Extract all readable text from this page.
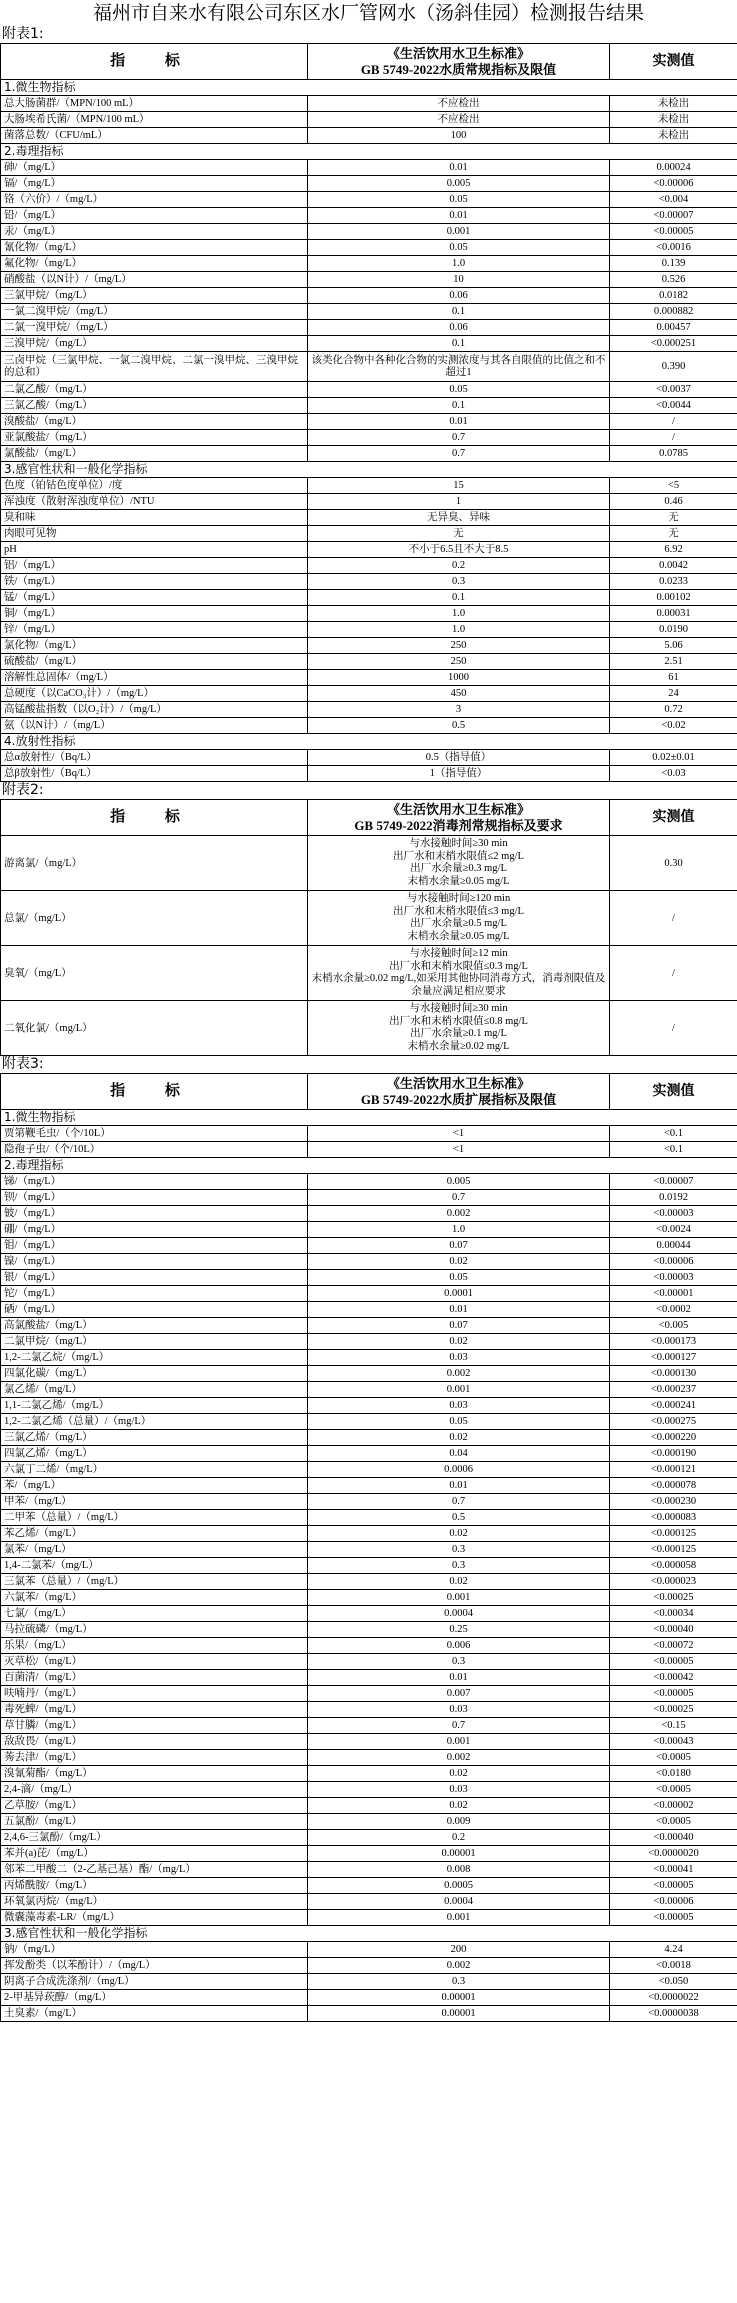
福州市自来水有限公司东区水厂管网水（汤斜佳园）检测报告结果
附表1:
指 标	《生活饮用水卫生标准》
GB 5749-2022水质常规指标及限值	实测值
1.微生物指标		
总大肠菌群/（MPN/100 mL）	不应检出	未检出
大肠埃希氏菌/（MPN/100 mL）	不应检出	未检出
菌落总数/（CFU/mL）	100	未检出
2.毒理指标		
砷/（mg/L）	0.01	0.00024
镉/（mg/L）	0.005	<0.00006
铬（六价）/（mg/L）	0.05	<0.004
铅/（mg/L）	0.01	<0.00007
汞/（mg/L）	0.001	<0.00005
氰化物/（mg/L）	0.05	<0.0016
氟化物/（mg/L）	1.0	0.139
硝酸盐（以N计）/（mg/L）	10	0.526
三氯甲烷/（mg/L）	0.06	0.0182
一氯二溴甲烷/（mg/L）	0.1	0.000882
二氯一溴甲烷/（mg/L）	0.06	0.00457
三溴甲烷/（mg/L）	0.1	<0.000251
三卤甲烷（三氯甲烷、一氯二溴甲烷、二氯一溴甲烷、三溴甲烷的总和）	该类化合物中各种化合物的实测浓度与其各自限值的比值之和不超过1	0.390
二氯乙酸/（mg/L）	0.05	<0.0037
三氯乙酸/（mg/L）	0.1	<0.0044
溴酸盐/（mg/L）	0.01	/
亚氯酸盐/（mg/L）	0.7	/
氯酸盐/（mg/L）	0.7	0.0785
3.感官性状和一般化学指标		
色度（铂钴色度单位）/度	15	<5
浑浊度（散射浑浊度单位）/NTU	1	0.46
臭和味	无异臭、异味	无
肉眼可见物	无	无
pH	不小于6.5且不大于8.5	6.92
铝/（mg/L）	0.2	0.0042
铁/（mg/L）	0.3	0.0233
锰/（mg/L）	0.1	0.00102
铜/（mg/L）	1.0	0.00031
锌/（mg/L）	1.0	0.0190
氯化物/（mg/L）	250	5.06
硫酸盐/（mg/L）	250	2.51
溶解性总固体/（mg/L）	1000	61
总硬度（以CaCO₃计）/（mg/L）	450	24
高锰酸盐指数（以O₂计）/（mg/L）	3	0.72
氨（以N计）/（mg/L）	0.5	<0.02
4.放射性指标		
总α放射性/（Bq/L）	0.5（指导值）	0.02±0.01
总β放射性/（Bq/L）	1（指导值）	<0.03
附表2:
指 标	《生活饮用水卫生标准》
GB 5749-2022消毒剂常规指标及要求	实测值
游离氯/（mg/L）	与水接触时间≥30 min
出厂水和末梢水限值≤2 mg/L
出厂水余量≥0.3 mg/L
末梢水余量≥0.05 mg/L	0.30
总氯/（mg/L）	与水接触时间≥120 min
出厂水和末梢水限值≤3 mg/L
出厂水余量≥0.5 mg/L
末梢水余量≥0.05 mg/L	/
臭氧/（mg/L）	与水接触时间≥12 min
出厂水和末梢水限值≤0.3 mg/L
末梢水余量≥0.02 mg/L,如采用其他协同消毒方式，消毒剂限值及余量应满足相应要求	/
二氧化氯/（mg/L）	与水接触时间≥30 min
出厂水和末梢水限值≤0.8 mg/L
出厂水余量≥0.1 mg/L
末梢水余量≥0.02 mg/L	/
附表3:
指 标	《生活饮用水卫生标准》
GB 5749-2022水质扩展指标及限值	实测值
1.微生物指标		
贾第鞭毛虫/（个/10L）	<1	<0.1
隐孢子虫/（个/10L）	<1	<0.1
2.毒理指标		
锑/（mg/L）	0.005	<0.00007
钡/（mg/L）	0.7	0.0192
铍/（mg/L）	0.002	<0.00003
硼/（mg/L）	1.0	<0.0024
钼/（mg/L）	0.07	0.00044
镍/（mg/L）	0.02	<0.00006
银/（mg/L）	0.05	<0.00003
铊/（mg/L）	0.0001	<0.00001
硒/（mg/L）	0.01	<0.0002
高氯酸盐/（mg/L）	0.07	<0.005
二氯甲烷/（mg/L）	0.02	<0.000173
1,2-二氯乙烷/（mg/L）	0.03	<0.000127
四氯化碳/（mg/L）	0.002	<0.000130
氯乙烯/（mg/L）	0.001	<0.000237
1,1-二氯乙烯/（mg/L）	0.03	<0.000241
1,2-二氯乙烯（总量）/（mg/L）	0.05	<0.000275
三氯乙烯/（mg/L）	0.02	<0.000220
四氯乙烯/（mg/L）	0.04	<0.000190
六氯丁二烯/（mg/L）	0.0006	<0.000121
苯/（mg/L）	0.01	<0.000078
甲苯/（mg/L）	0.7	<0.000230
二甲苯（总量）/（mg/L）	0.5	<0.000083
苯乙烯/（mg/L）	0.02	<0.000125
氯苯/（mg/L）	0.3	<0.000125
1,4-二氯苯/（mg/L）	0.3	<0.000058
三氯苯（总量）/（mg/L）	0.02	<0.000023
六氯苯/（mg/L）	0.001	<0.00025
七氯/（mg/L）	0.0004	<0.00034
马拉硫磷/（mg/L）	0.25	<0.00040
乐果/（mg/L）	0.006	<0.00072
灭草松/（mg/L）	0.3	<0.00005
百菌清/（mg/L）	0.01	<0.00042
呋喃丹/（mg/L）	0.007	<0.00005
毒死蜱/（mg/L）	0.03	<0.00025
草甘膦/（mg/L）	0.7	<0.15
敌敌畏/（mg/L）	0.001	<0.00043
莠去津/（mg/L）	0.002	<0.0005
溴氰菊酯/（mg/L）	0.02	<0.0180
2,4-滴/（mg/L）	0.03	<0.0005
乙草胺/（mg/L）	0.02	<0.00002
五氯酚/（mg/L）	0.009	<0.0005
2,4,6-三氯酚/（mg/L）	0.2	<0.00040
苯并(a)芘/（mg/L）	0.00001	<0.0000020
邻苯二甲酸二（2-乙基己基）酯/（mg/L）	0.008	<0.00041
丙烯酰胺/（mg/L）	0.0005	<0.00005
环氧氯丙烷/（mg/L）	0.0004	<0.00006
微囊藻毒素-LR/（mg/L）	0.001	<0.00005
3.感官性状和一般化学指标		
钠/（mg/L）	200	4.24
挥发酚类（以苯酚计）/（mg/L）	0.002	<0.0018
阴离子合成洗涤剂/（mg/L）	0.3	<0.050
2-甲基异莰醇/（mg/L）	0.00001	<0.0000022
土臭素/（mg/L）	0.00001	<0.0000038
